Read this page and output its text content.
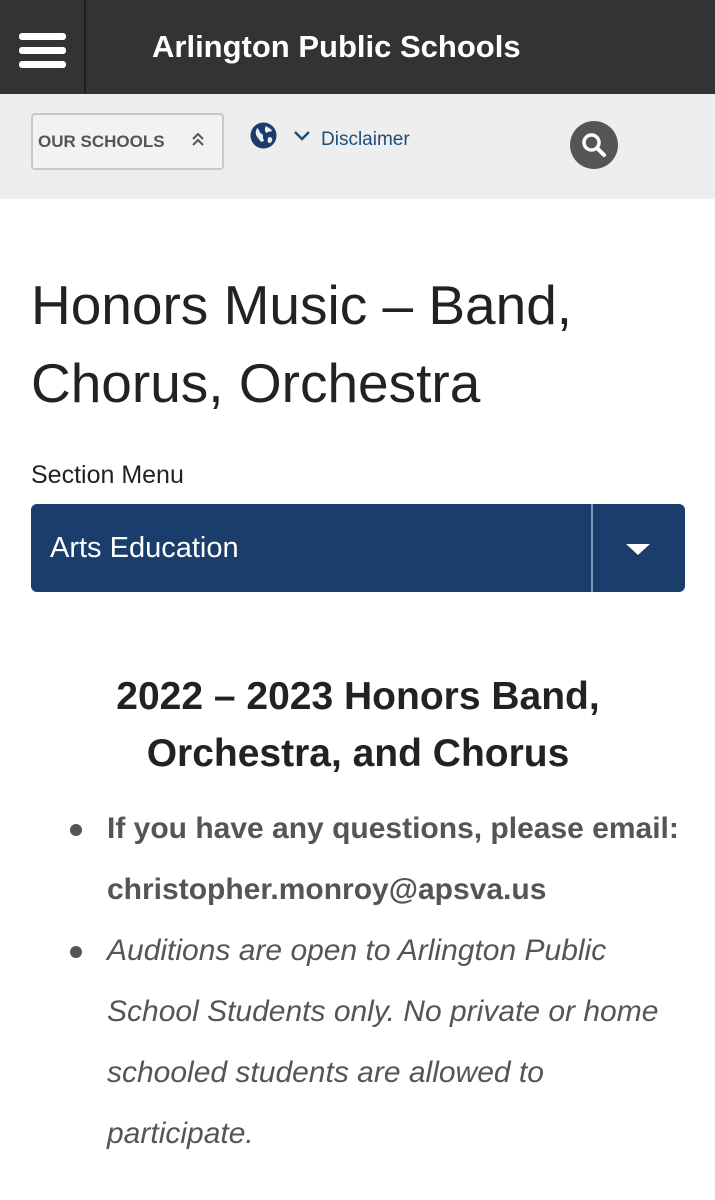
Arlington Public Schools
OUR SCHOOLS	Disclaimer
Honors Music – Band, Chorus, Orchestra
Section Menu
Arts Education
2022 – 2023 Honors Band, Orchestra, and Chorus
If you have any questions, please email: christopher.monroy@apsva.us
Auditions are open to Arlington Public School Students only. No private or home schooled students are allowed to participate.
